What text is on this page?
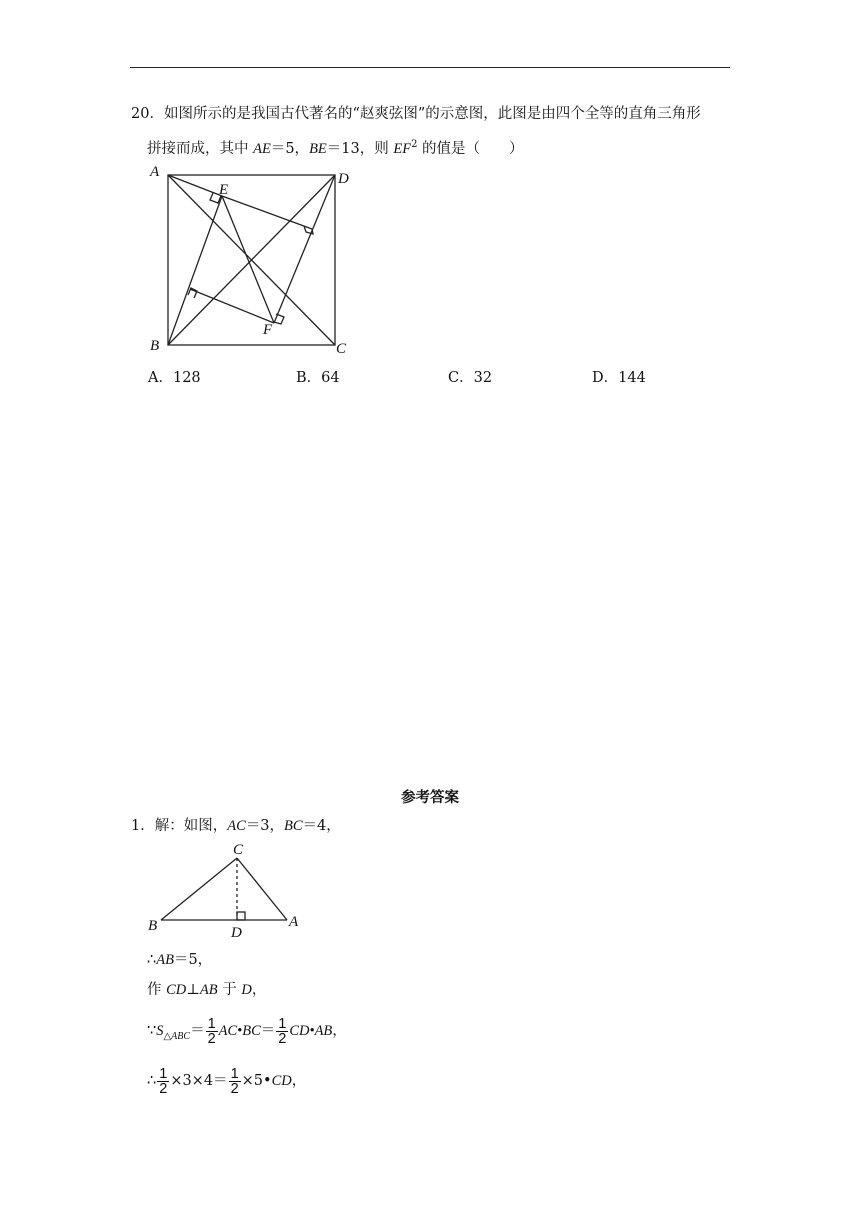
20．如图所示的是我国古代著名的“赵爽弦图”的示意图，此图是由四个全等的直角三角形
拼接而成，其中 AE＝5，BE＝13，则 $EF^2$ 的值是（　　）
A
E
D
B
F
C
A．128	B．64	C．32	D．144
参考答案
1．解：如图，AC＝3，BC＝4，
C
B	D
A
∴AB＝5，
作 CD⊥AB 于 D，
$\because S_{\triangle ABC}= \frac{1}{2}$ AC•BC＝ $\frac{1}{2}$ CD•AB，
∴ $\frac{1}{2} \times 3\times 4= \frac{1}{2}$ ×5•CD，
